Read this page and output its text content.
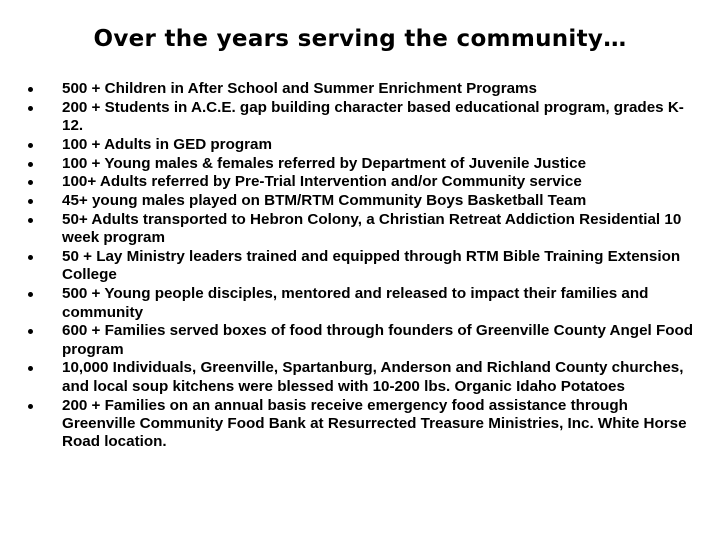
Over the years serving the community…
500 + Children in After School and Summer Enrichment Programs
200 + Students in A.C.E. gap building character based educational program, grades K-12.
100 + Adults in GED program
100 + Young males & females referred by Department of Juvenile Justice
100+ Adults referred by Pre-Trial Intervention and/or Community service
45+ young males played on BTM/RTM Community Boys Basketball Team
50+ Adults transported to Hebron Colony, a Christian Retreat Addiction Residential 10 week program
50 + Lay Ministry leaders trained and equipped through RTM Bible Training Extension College
500 + Young people disciples, mentored and released to impact their families and community
600 + Families served boxes of food through founders of Greenville County Angel Food program
10,000 Individuals, Greenville, Spartanburg, Anderson and Richland County churches, and local soup kitchens were blessed with 10-200 lbs. Organic Idaho Potatoes
200 + Families on an annual basis receive emergency food assistance through Greenville Community Food Bank at Resurrected Treasure Ministries, Inc. White Horse Road location.
